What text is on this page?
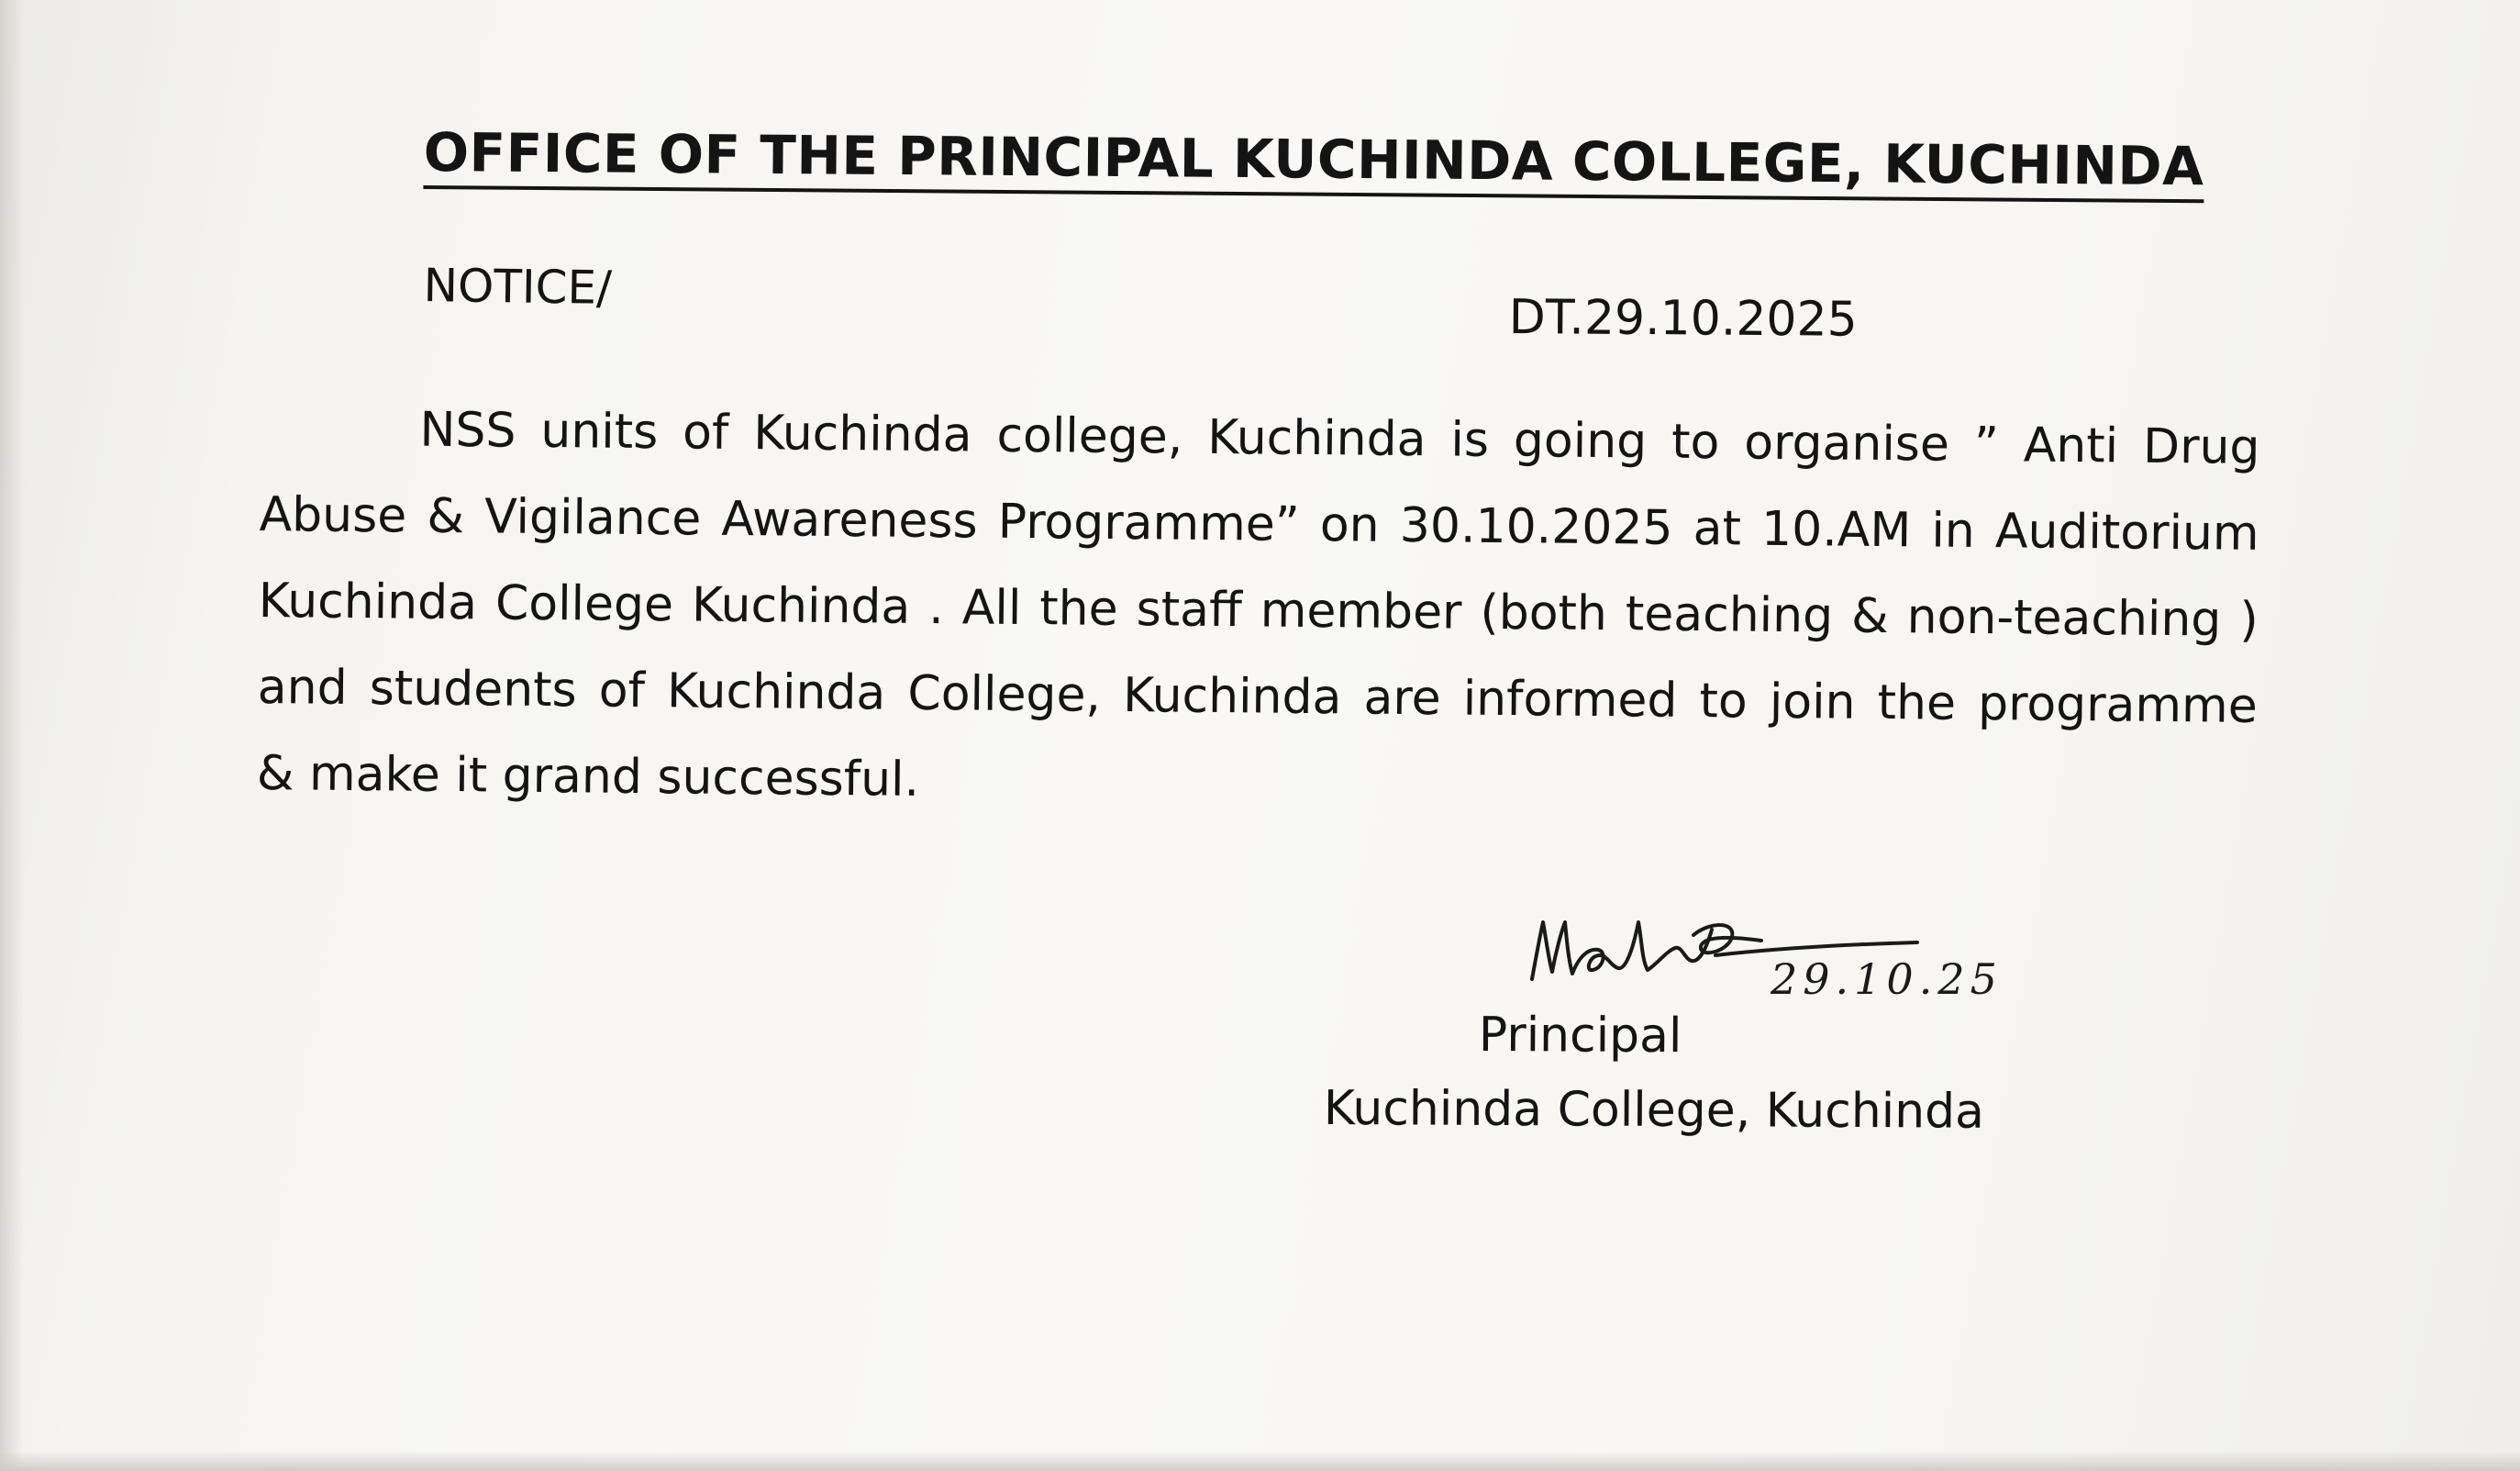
OFFICE OF THE PRINCIPAL KUCHINDA COLLEGE, KUCHINDA
NOTICE/
DT.29.10.2025
NSS units of Kuchinda college, Kuchinda is going to organise ” Anti Drug
Abuse & Vigilance Awareness Programme” on 30.10.2025 at 10.AM in Auditorium
Kuchinda College Kuchinda . All the staff member (both teaching & non-teaching )
and students of Kuchinda College, Kuchinda are informed to join the programme
& make it grand successful.
29.10.25
Principal
Kuchinda College, Kuchinda
